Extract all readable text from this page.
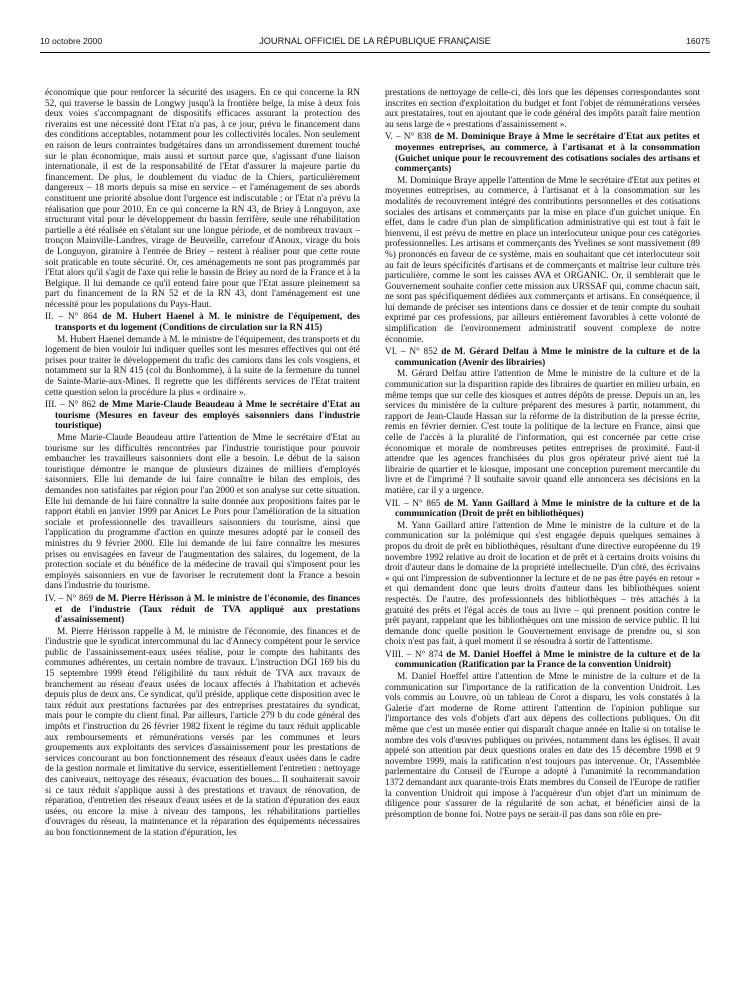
10 octobre 2000	JOURNAL OFFICIEL DE LA RÉPUBLIQUE FRANÇAISE	16075

économique que pour renforcer la sécurité des usagers. En ce qui concerne la RN 52, qui traverse le bassin de Longwy jusqu'à la frontière belge, la mise à deux fois deux voies s'accompagnant de dispositifs efficaces assurant la protection des riverains est une nécessité dont l'Etat n'a pas, à ce jour, prévu le financement dans des conditions acceptables, notamment pour les collectivités locales. Non seulement en raison de leurs contraintes budgétaires dans un arrondissement durement touché sur le plan économique, mais aussi et surtout parce que, s'agissant d'une liaison internationale, il est de la responsabilité de l'Etat d'assurer la majeure partie du financement. De plus, le doublement du viaduc de la Chiers, particulièrement dangereux – 18 morts depuis sa mise en service – et l'aménagement de ses abords constituent une priorité absolue dont l'urgence est indiscutable ; or l'Etat n'a prévu la réalisation que pour 2010. En ce qui concerne la RN 43, de Briey à Longuyon, axe structurant vital pour le développement du bassin ferrifère, seule une réhabilitation partielle a été réalisée en s'étalant sur une longue période, et de nombreux travaux – tronçon Mainville-Landres, virage de Beuveille, carrefour d'Anoux, virage du bois de Longuyon, giratoire à l'entrée de Briey – restent à réaliser pour que cette route soit praticable en toute sécurité. Or, ces aménagements ne sont pas programmés par l'Etat alors qu'il s'agit de l'axe qui relie le bassin de Briey au nord de la France et à la Belgique. Il lui demande ce qu'il entend faire pour que l'Etat assure pleinement sa part du financement de la RN 52 et de la RN 43, dont l'aménagement est une nécessité pour les populations du Pays-Haut.

II. – N° 864 de M. Hubert Haenel à M. le ministre de l'équipement, des transports et du logement (Conditions de circulation sur la RN 415)

M. Hubert Haenel demande à M. le ministre de l'équipement, des transports et du logement de bien vouloir lui indiquer quelles sont les mesures effectives qui ont été prises pour traiter le développement du trafic des camions dans les cols vosgiens, et notamment sur la RN 415 (col du Bonhomme), à la suite de la fermeture du tunnel de Sainte-Marie-aux-Mines. Il regrette que les différents services de l'Etat traitent cette question selon la procédure la plus « ordinaire ».

III. – N° 862 de Mme Marie-Claude Beaudeau à Mme le secrétaire d'Etat au tourisme (Mesures en faveur des employés saisonniers dans l'industrie touristique)

Mme Marie-Claude Beaudeau attire l'attention de Mme le secrétaire d'Etat au tourisme sur les difficultés rencontrées par l'industrie touristique pour pouvoir embaucher les travailleurs saisonniers dont elle a besoin. Le début de la saison touristique démontre le manque de plusieurs dizaines de milliers d'employés saisonniers. Elle lui demande de lui faire connaître le bilan des emplois, des demandes non satisfaites par région pour l'an 2000 et son analyse sur cette situation. Elle lui demande de lui faire connaître la suite donnée aux propositions faites par le rapport établi en janvier 1999 par Anicet Le Pors pour l'amélioration de la situation sociale et professionnelle des travailleurs saisonniers du tourisme, ainsi que l'application du programme d'action en quinze mesures adopté par le conseil des ministres du 9 février 2000. Elle lui demande de lui faire connaître les mesures prises ou envisagées en faveur de l'augmentation des salaires, du logement, de la protection sociale et du bénéfice de la médecine de travail qui s'imposent pour les employés saisonniers en vue de favoriser le recrutement dont la France a besoin dans l'industrie du tourisme.

IV. – N° 869 de M. Pierre Hérisson à M. le ministre de l'économie, des finances et de l'industrie (Taux réduit de TVA appliqué aux prestations d'assainissement)

M. Pierre Hérisson rappelle à M. le ministre de l'économie, des finances et de l'industrie que le syndicat intercommunal du lac d'Annecy compétent pour le service public de l'assainissement-eaux usées réalise, pour le compte des habitants des communes adhérentes, un certain nombre de travaux. L'instruction DGI 169 bis du 15 septembre 1999 étend l'éligibilité du taux réduit de TVA aux travaux de branchement au réseau d'eaux usées de locaux affectés à l'habitation et achevés depuis plus de deux ans. Ce syndicat, qu'il préside, applique cette disposition avec le taux réduit aux prestations facturées par des entreprises prestataires du syndicat, mais pour le compte du client final. Par ailleurs, l'article 279 b du code général des impôts et l'instruction du 26 février 1982 fixent le régime du taux réduit applicable aux remboursements et rémunérations versés par les communes et leurs groupements aux exploitants des services d'assainissement pour les prestations de services concourant au bon fonctionnement des réseaux d'eaux usées dans le cadre de la gestion normale et limitative du service, essentiellement l'entretien : nettoyage des caniveaux, nettoyage des réseaux, évacuation des boues... Il souhaiterait savoir si ce taux réduit s'applique aussi à des prestations et travaux de rénovation, de réparation, d'entretien des réseaux d'eaux usées et de la station d'épuration des eaux usées, ou encore la mise à niveau des tampons, les réhabilitations partielles d'ouvrages du réseau, la maintenance et la réparation des équipements nécessaires au bon fonctionnement de la station d'épuration, les

prestations de nettoyage de celle-ci, dès lors que les dépenses correspondantes sont inscrites en section d'exploitation du budget et font l'objet de rémunérations versées aux prestataires, tout en ajoutant que le code général des impôts paraît faire mention au sens large de « prestations d'assainissement ».

V. – N° 838 de M. Dominique Braye à Mme le secrétaire d'Etat aux petites et moyennes entreprises, au commerce, à l'artisanat et à la consommation (Guichet unique pour le recouvrement des cotisations sociales des artisans et commerçants)

M. Dominique Braye appelle l'attention de Mme le secrétaire d'Etat aux petites et moyennes entreprises, au commerce, à l'artisanat et à la consommation sur les modalités de recouvrement intégré des contributions personnelles et des cotisations sociales des artisans et commerçants par la mise en place d'un guichet unique. En effet, dans le cadre d'un plan de simplification administrative qui est tout à fait le bienvenu, il est prévu de mettre en place un interlocuteur unique pour ces catégories professionnelles. Les artisans et commerçants des Yvelines se sont massivement (89 %) prononcés en faveur de ce système, mais en souhaitant que cet interlocuteur soit au fait de leurs spécificités d'artisans et de commerçants et maîtrise leur culture très particulière, comme le sont les caisses AVA et ORGANIC. Or, il semblerait que le Gouvernement souhaite confier cette mission aux URSSAF qui, comme chacun sait, ne sont pas spécifiquement dédiées aux commerçants et artisans. En conséquence, il lui demande de préciser ses intentions dans ce dossier et de tenir compte du souhait exprimé par ces professions, par ailleurs entièrement favorables à cette volonté de simplification de l'environnement administratif souvent complexe de notre économie.

VI. – N° 852 de M. Gérard Delfau à Mme le ministre de la culture et de la communication (Avenir des librairies)

M. Gérard Delfau attire l'attention de Mme le ministre de la culture et de la communication sur la disparition rapide des libraires de quartier en milieu urbain, en même temps que sur celle des kiosques et autres dépôts de presse. Depuis un an, les services du ministère de la culture préparent des mesures à partir, notamment, du rapport de Jean-Claude Hassan sur la réforme de la distribution de la presse écrite, remis en février dernier. C'est toute la politique de la lecture en France, ainsi que celle de l'accès à la pluralité de l'information, qui est concernée par cette crise économique et morale de nombreuses petites entreprises de proximité. Faut-il attendre que les agences franchisées du plus gros opérateur privé aient tué la librairie de quartier et le kiosque, imposant une conception purement mercantile du livre et de l'imprimé ? Il souhaite savoir quand elle annoncera ses décisions en la matière, car il y a urgence.

VII. – N° 865 de M. Yann Gaillard à Mme le ministre de la culture et de la communication (Droit de prêt en bibliothèques)

M. Yann Gaillard attire l'attention de Mme le ministre de la culture et de la communication sur la polémique qui s'est engagée depuis quelques semaines à propos du droit de prêt en bibliothèques, résultant d'une directive européenne du 19 novembre 1992 relative au droit de location et de prêt et à certains droits voisins du droit d'auteur dans le domaine de la propriété intellectuelle. D'un côté, des écrivains « qui ont l'impression de subventionner la lecture et de ne pas être payés en retour » et qui demandent donc que leurs droits d'auteur dans les bibliothèques soient respectés. De l'autre, des professionnels des bibliothèques – très attachés à la gratuité des prêts et l'égal accès de tous au livre – qui prennent position contre le prêt payant, rappelant que les bibliothèques ont une mission de service public. Il lui demande donc quelle position le Gouvernement envisage de prendre ou, si son choix n'est pas fait, à quel moment il se résoudra à sortir de l'attentisme.

VIII. – N° 874 de M. Daniel Hoeffel à Mme le ministre de la culture et de la communication (Ratification par la France de la convention Unidroit)

M. Daniel Hoeffel attire l'attention de Mme le ministre de la culture et de la communication sur l'importance de la ratification de la convention Unidroit. Les vols commis au Louvre, où un tableau de Corot a disparu, les vols constatés à la Galerie d'art moderne de Rome attirent l'attention de l'opinion publique sur l'importance des vols d'objets d'art aux dépens des collections publiques. On dit même que c'est un musée entier qui disparaît chaque année en Italie si on totalise le nombre des vols d'œuvres publiques ou privées, notamment dans les églises. Il avait appelé son attention par deux questions orales en date des 15 décembre 1998 et 9 novembre 1999, mais la ratification n'est toujours pas intervenue. Or, l'Assemblée parlementaire du Conseil de l'Europe a adopté à l'unanimité la recommandation 1372 demandant aux quarante-trois Etats membres du Conseil de l'Europe de ratifier la convention Unidroit qui impose à l'acquéreur d'un objet d'art un minimum de diligence pour s'assurer de la régularité de son achat, et bénéficier ainsi de la présomption de bonne foi. Notre pays ne serait-il pas dans son rôle en pre-
